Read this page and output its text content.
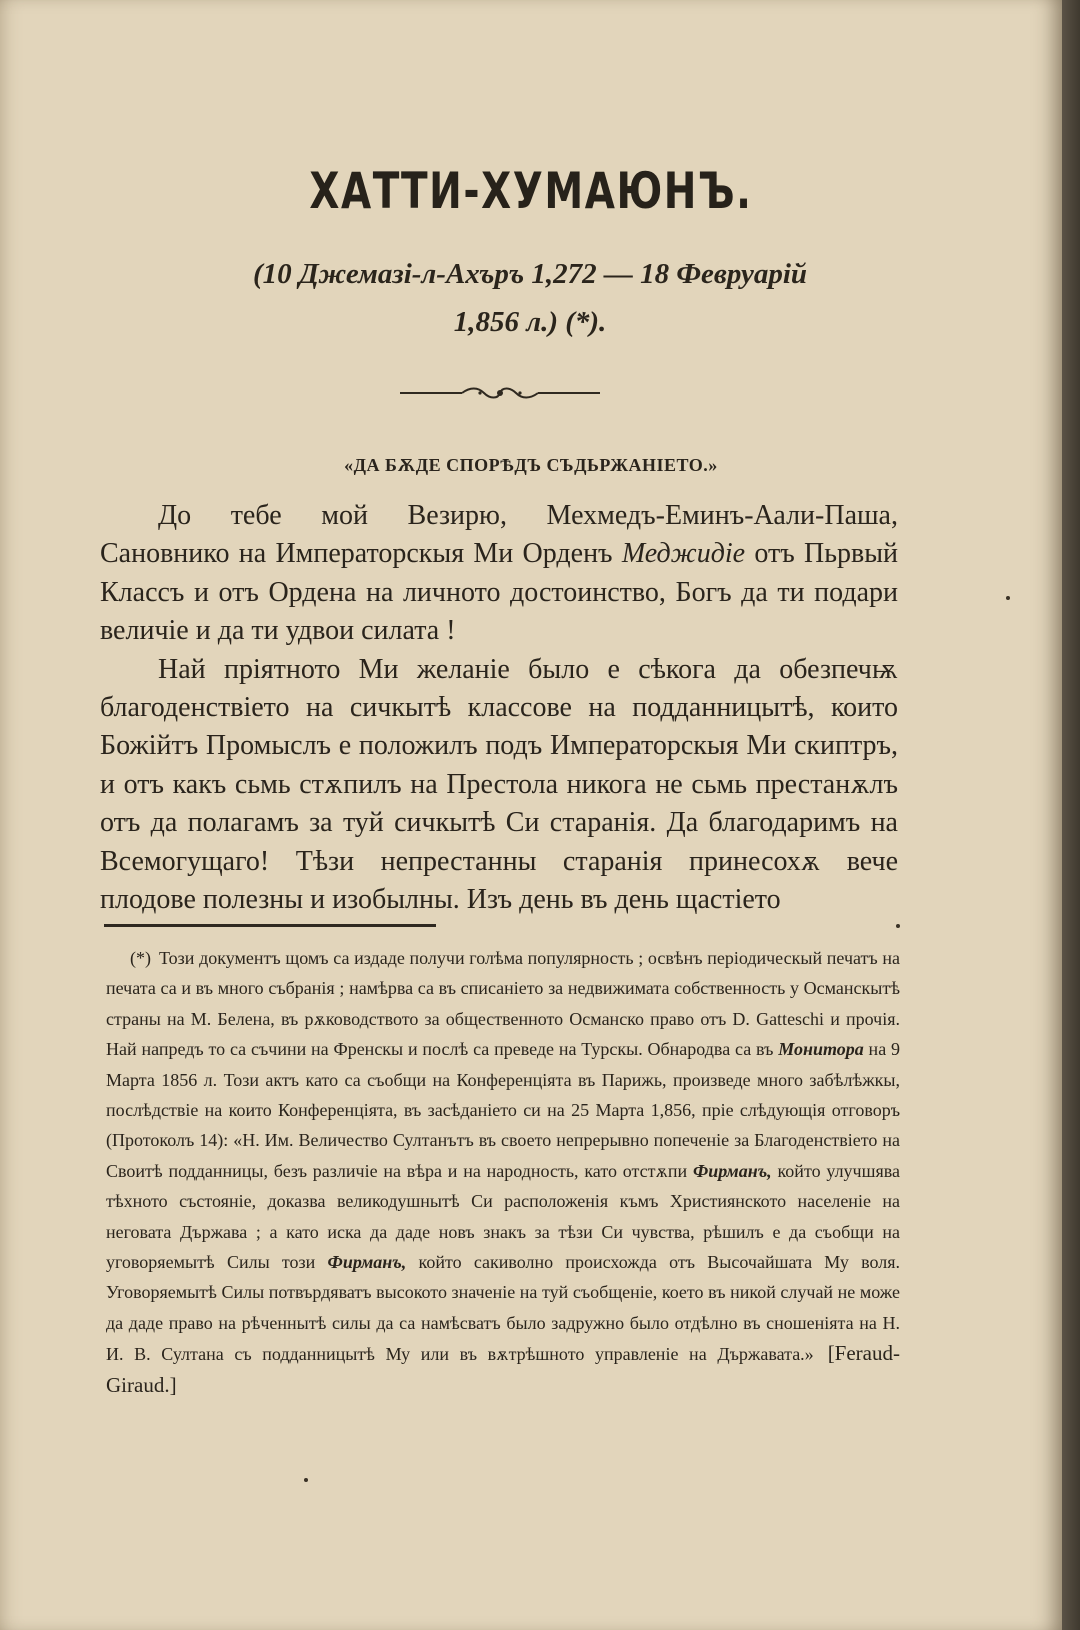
ХАТТИ-ХУМАЮНЪ.
(10 Джемазі-л-Ахъръ 1,272 — 18 Февруарій
1,856 л.) (*).
«ДА БѪДЕ СПОРѢДЪ СЪДЬРЖАНІЕТО.»

До тебе мой Везирю, Мехмедъ-Еминъ-Аали-Паша, Сановнико на Императорскыя Ми Орденъ Меджидіе отъ Пьрвый Классъ и отъ Ордена на личното достоинство, Богъ да ти подари величіе и да ти удвои силата !

Най пріятното Ми желаніе было е сѣкога да обезпечѭ благоденствіето на сичкытѣ классове на подданницытѣ, които Божійтъ Промыслъ е положилъ подъ Императорскыя Ми скиптръ, и отъ какъ сьмь стѫпилъ на Престола никога не сьмь престанѫлъ отъ да полагамъ за туй сичкытѣ Си старанія. Да благодаримъ на Всемогущаго! Тѣзи непрестанны старанія принесохѫ вече плодове полезны и изобылны. Изъ день въ день щастіето

(*) Този документъ щомъ са издаде получи голѣма популярность ; освѣнъ періодическый печатъ на печата са и въ много събранія ; намѣрва са въ списаніето за недвижимата собственность у Османскытѣ страны на М. Белена, въ рѫководството за общественното Османско право отъ D. Gatteschi и прочія. Най напредъ то са съчини на Френскы и послѣ са преведе на Турскы. Обнародва са въ Монитора на 9 Марта 1856 л. Този актъ като са съобщи на Конференціята въ Парижь, произведе много забѣлѣжкы, послѣдствіе на които Конференціята, въ засѣданіето си на 25 Марта 1,856, пріе слѣдующія отговоръ (Протоколъ 14): «Н. Им. Величество Султанътъ въ своето непрерывно попеченіе за Благоденствіето на Своитѣ подданницы, безъ различіе на вѣра и на народность, като отстѫпи Фирманъ, който улучшява тѣхното състояніе, доказва великодушнытѣ Си расположенія къмъ Християнското населеніе на неговата Държава ; а като иска да даде новъ знакъ за тѣзи Си чувства, рѣшилъ е да съобщи на уговоряемытѣ Силы този Фирманъ, който сакиволно происхожда отъ Высочайшата Му воля. Уговоряемытѣ Силы потвърдяватъ высокото значеніе на туй съобщеніе, което въ никой случай не може да даде право на рѣченнытѣ силы да са намѣсватъ было задружно было отдѣлно въ сношеніята на Н. И. В. Султана съ подданницытѣ Му или въ вѫтрѣшното управленіе на Държавата.» [Feraud-Giraud.]
